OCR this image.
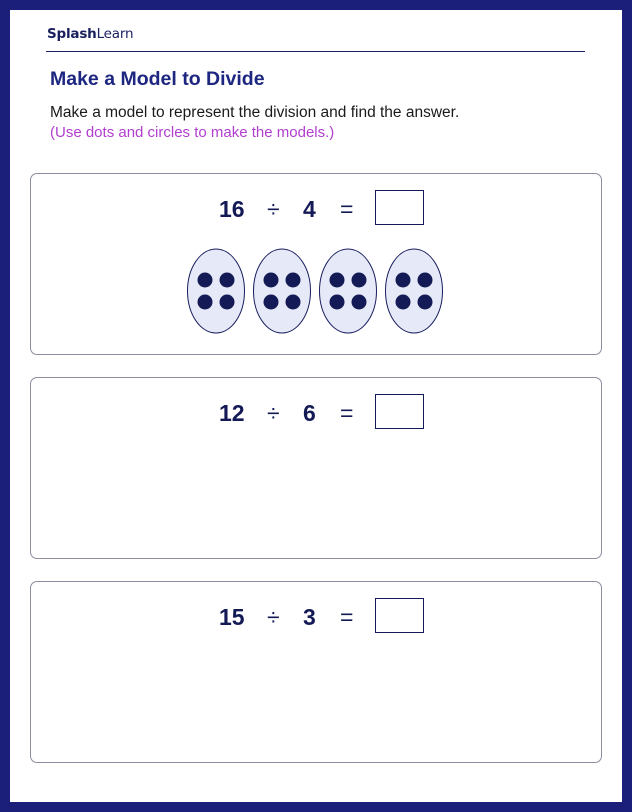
SplashLearn
Make a Model to Divide
Make a model to represent the division and find the answer.
(Use dots and circles to make the models.)
16 ÷ 4 =
12 ÷ 6 =
15 ÷ 3 =
